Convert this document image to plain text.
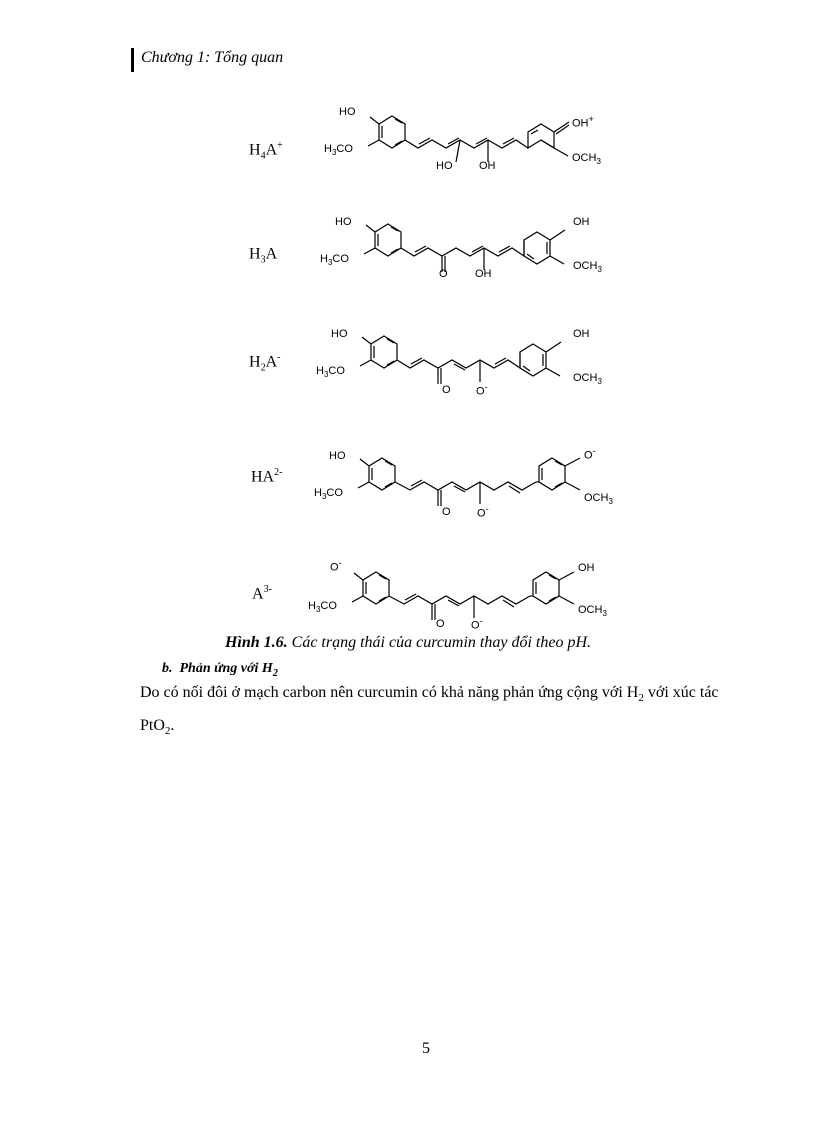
Chương 1: Tổng quan
$H_4A^+$
$H_3A$
$H_2A^-$
$HA^{2-}$
$A^{3-}$
HO
$H_3CO$
HO OH
OH+
$OCH_3$
HO
$H_3CO$
O OH
OH
$OCH_3$
HO
$H_3CO$
O O-
OH
$OCH_3$
HO
$H_3CO$
O O-
O-
$OCH_3$
O-
$H_3CO$
O O-
OH
$OCH_3$
Hình 1.6. Các trạng thái của curcumin thay đổi theo pH.
b. Phản ứng với $H_2$
Do có nối đôi ở mạch carbon nên curcumin có khả năng phản ứng cộng với $H_2$ với xúc tác PtO$_2$.
5
